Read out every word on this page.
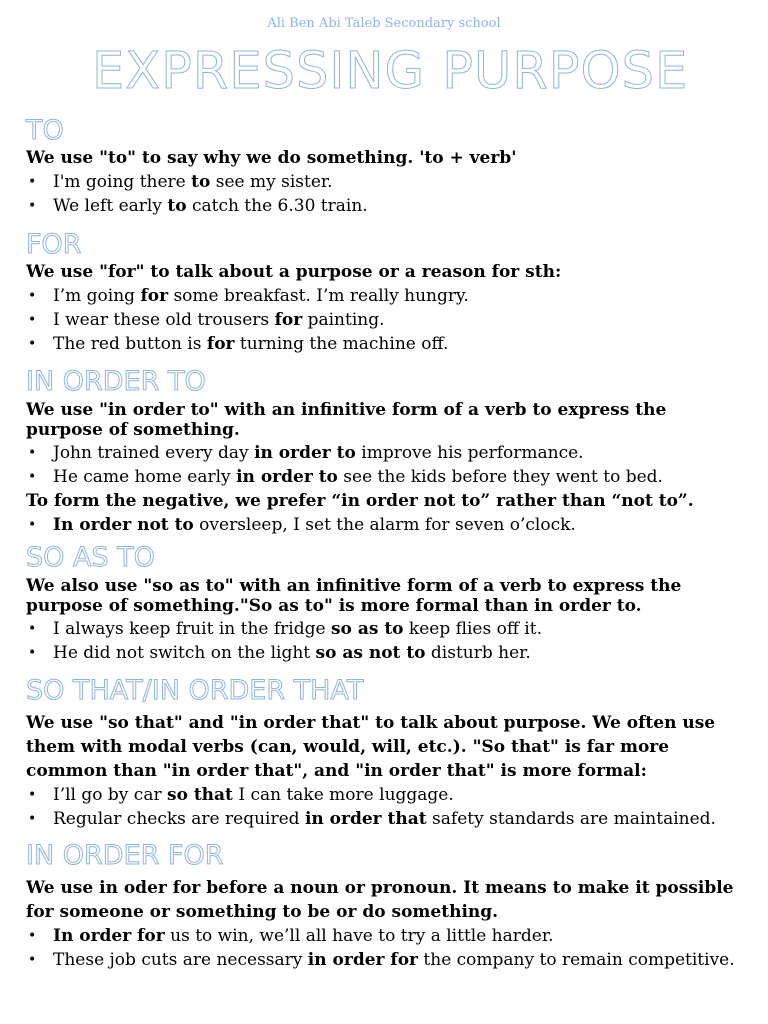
Ali Ben Abi Taleb Secondary school
EXPRESSING PURPOSE
TO
We use "to" to say why we do something. 'to + verb'
• I'm going there to see my sister.
• We left early to catch the 6.30 train.
FOR
We use "for" to talk about a purpose or a reason for sth:
• I’m going for some breakfast. I’m really hungry.
• I wear these old trousers for painting.
• The red button is for turning the machine off.
IN ORDER TO
We use "in order to" with an infinitive form of a verb to express the
purpose of something.
• John trained every day in order to improve his performance.
• He came home early in order to see the kids before they went to bed.
To form the negative, we prefer “in order not to” rather than “not to”.
• In order not to oversleep, I set the alarm for seven o’clock.
SO AS TO
We also use "so as to" with an infinitive form of a verb to express the
purpose of something."So as to" is more formal than in order to.
• I always keep fruit in the fridge so as to keep flies off it.
• He did not switch on the light so as not to disturb her.
SO THAT/IN ORDER THAT
We use "so that" and "in order that" to talk about purpose. We often use
them with modal verbs (can, would, will, etc.). "So that" is far more
common than "in order that", and "in order that" is more formal:
• I’ll go by car so that I can take more luggage.
• Regular checks are required in order that safety standards are maintained.
IN ORDER FOR
We use in oder for before a noun or pronoun. It means to make it possible
for someone or something to be or do something.
• In order for us to win, we’ll all have to try a little harder.
• These job cuts are necessary in order for the company to remain competitive.
